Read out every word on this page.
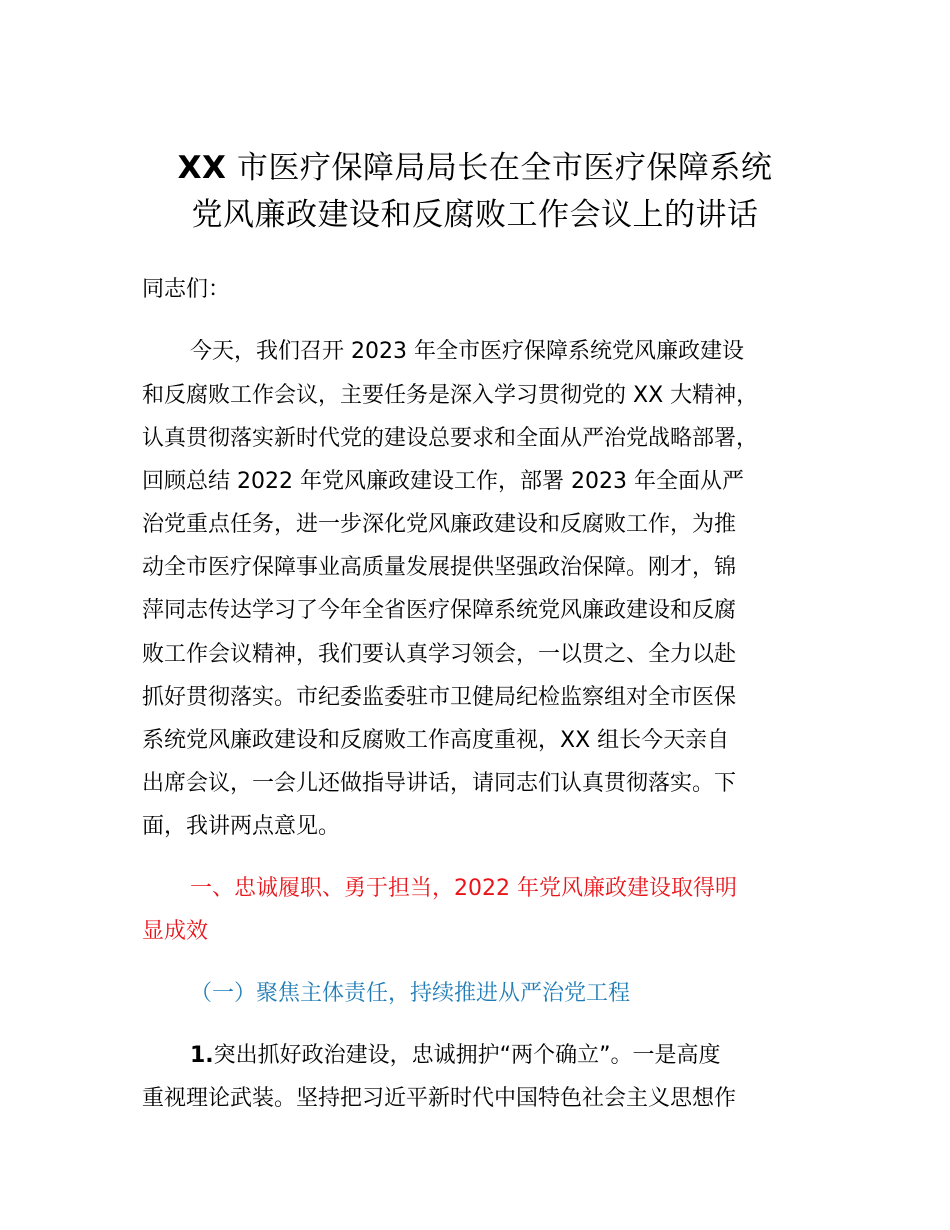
XX 市医疗保障局局长在全市医疗保障系统
党风廉政建设和反腐败工作会议上的讲话
同志们：
今天，我们召开 2023 年全市医疗保障系统党风廉政建设
和反腐败工作会议，主要任务是深入学习贯彻党的 XX 大精神，
认真贯彻落实新时代党的建设总要求和全面从严治党战略部署，
回顾总结 2022 年党风廉政建设工作，部署 2023 年全面从严
治党重点任务，进一步深化党风廉政建设和反腐败工作，为推
动全市医疗保障事业高质量发展提供坚强政治保障。刚才，锦
萍同志传达学习了今年全省医疗保障系统党风廉政建设和反腐
败工作会议精神，我们要认真学习领会，一以贯之、全力以赴
抓好贯彻落实。市纪委监委驻市卫健局纪检监察组对全市医保
系统党风廉政建设和反腐败工作高度重视，XX 组长今天亲自
出席会议，一会儿还做指导讲话，请同志们认真贯彻落实。下
面，我讲两点意见。
一、忠诚履职、勇于担当，2022 年党风廉政建设取得明
显成效
（一）聚焦主体责任，持续推进从严治党工程
1.突出抓好政治建设，忠诚拥护“两个确立”。一是高度
重视理论武装。坚持把习近平新时代中国特色社会主义思想作
